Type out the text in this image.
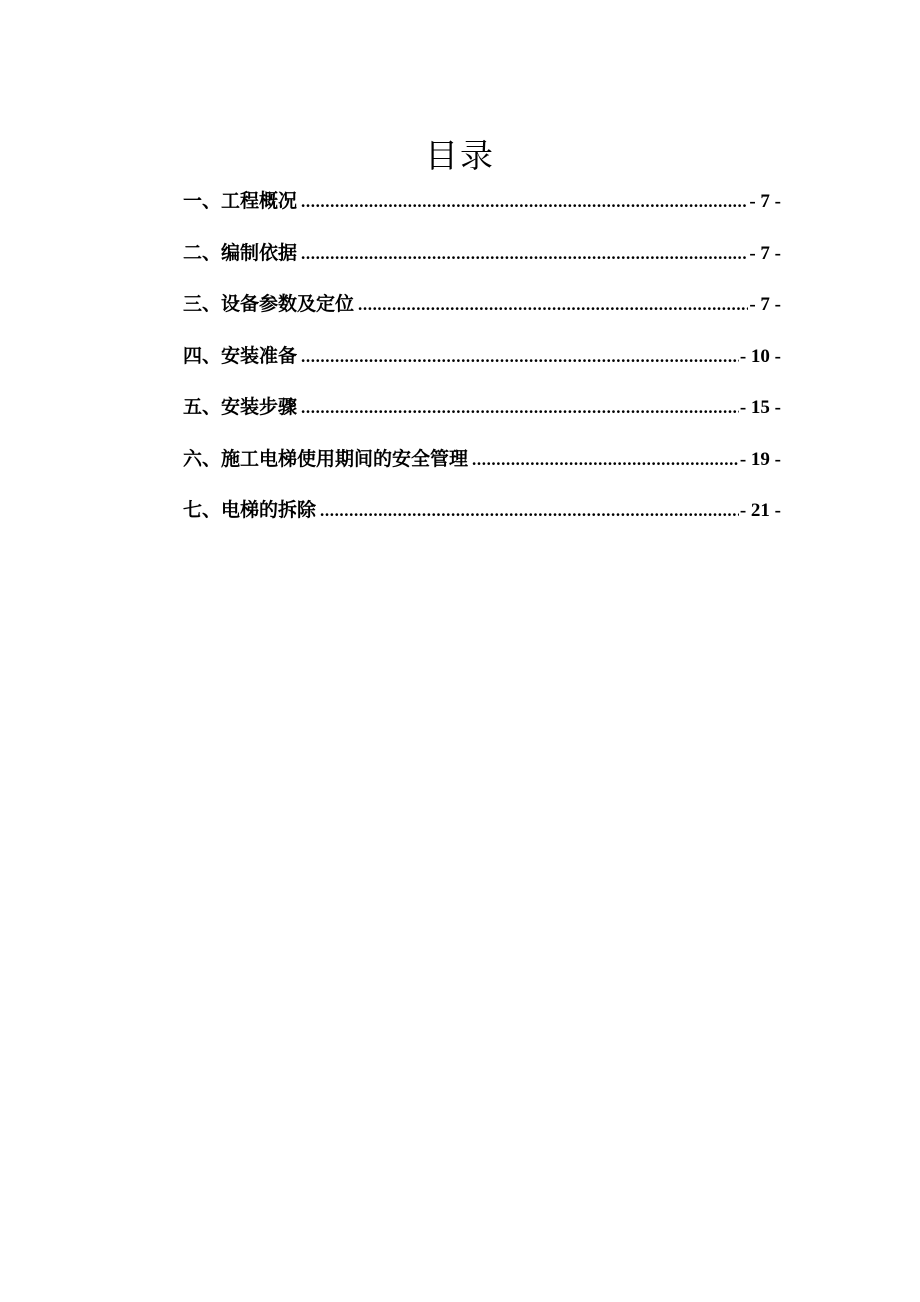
目录
一、工程概况 .....	- 7 -
二、编制依据 .....	- 7 -
三、设备参数及定位 .....	- 7 -
四、安装准备 .....	- 10 -
五、安装步骤 .....	- 15 -
六、施工电梯使用期间的安全管理 .....	- 19 -
七、电梯的拆除 .....	- 21 -
